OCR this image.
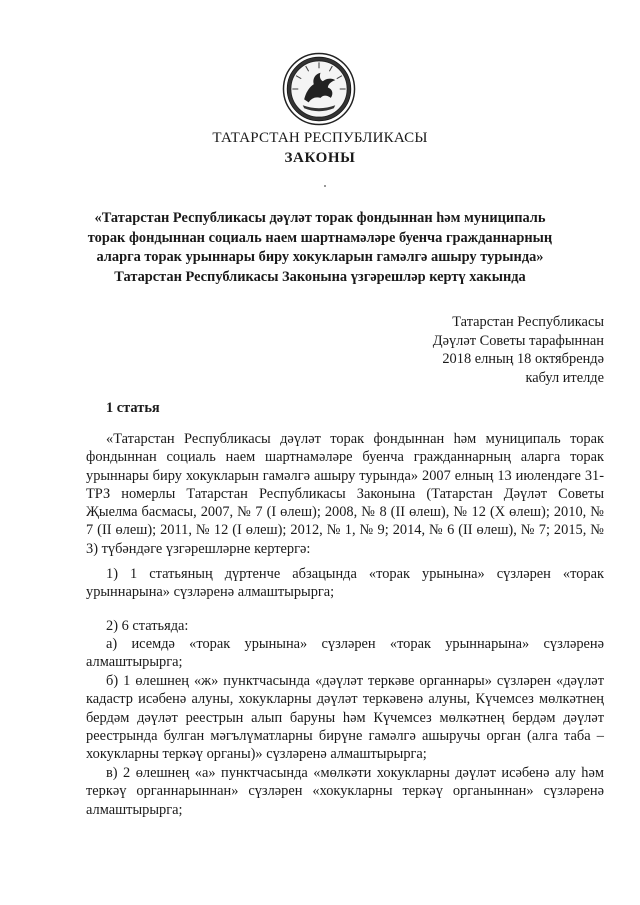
ТАТАРСТАН РЕСПУБЛИКАСЫ
ЗАКОНЫ
«Татарстан Республикасы дәүләт торак фондыннан һәм муниципаль торак фондыннан социаль наем шартнамәләре буенча гражданнарның аларга торак урыннары биру хокукларын гамәлгә ашыру турында» Татарстан Республикасы Законына үзгәрешләр кертү хакында
Татарстан Республикасы
Дәүләт Советы тарафыннан
2018 елның 18 октябрендә
кабул ителде
1 статья

«Татарстан Республикасы дәүләт торак фондыннан һәм муниципаль торак фондыннан социаль наем шартнамәләре буенча гражданнарның аларга торак урыннары биру хокукларын гамәлгә ашыру турында» 2007 елның 13 июлендәге 31-ТРЗ номерлы Татарстан Республикасы Законына (Татарстан Дәүләт Советы Җыелма басмасы, 2007, № 7 (I өлеш); 2008, № 8 (II өлеш), № 12 (Х өлеш); 2010, № 7 (II өлеш); 2011, № 12 (I өлеш); 2012, № 1, № 9; 2014, № 6 (II өлеш), № 7; 2015, № 3) түбәндәге үзгәрешләрне кертергә:

1) 1 статьяның дүртенче абзацында «торак урынына» сүзләрен «торак урыннарына» сүзләренә алмаштырырга;

2) 6 статьяда:

а) исемдә «торак урынына» сүзләрен «торак урыннарына» сүзләренә алмаштырырга;

б) 1 өлешнең «ж» пунктчасында «дәүләт теркәве органнары» сүзләрен «дәүләт кадастр исәбенә алуны, хокукларны дәүләт теркәвенә алуны, Күчемсез мөлкәтнең бердәм дәүләт реестрын алып баруны һәм Күчемсез мөлкәтнең бердәм дәүләт реестрында булган мәгълүматларны бирүне гамәлгә ашыручы орган (алга таба – хокукларны теркәү органы)» сүзләренә алмаштырырга;

в) 2 өлешнең «а» пунктчасында «мөлкәти хокукларны дәүләт исәбенә алу һәм теркәү органнарыннан» сүзләрен «хокукларны теркәү органыннан» сүзләренә алмаштырырга;
